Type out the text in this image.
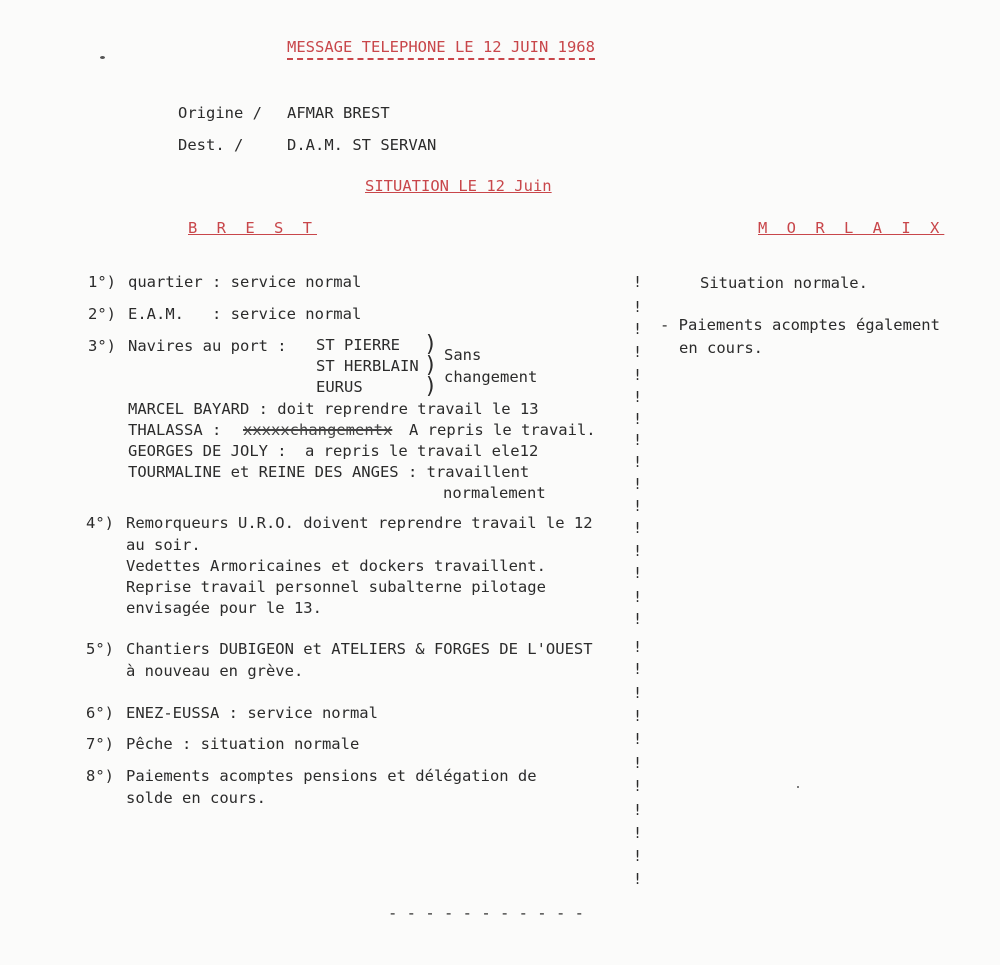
MESSAGE TELEPHONE LE 12 JUIN 1968
Origine / AFMAR BREST
Dest. /	D.A.M. ST SERVAN
SITUATION LE 12 Juin
B R E S T	M O R L A I X
1°) quartier : service normal
2°) E.A.M.   : service normal
3°) Navires au port : ST PIERRE
ST HERBLAIN
EURUS
)
)
)
Sans
changement
MARCEL BAYARD : doit reprendre travail le 13
THALASSA : xxxxxchangementx A repris le travail.
GEORGES DE JOLY : a repris le travail ele12
TOURMALINE et REINE DES ANGES : travaillent
normalement
4°) Remorqueurs U.R.O. doivent reprendre travail le 12
au soir.
Vedettes Armoricaines et dockers travaillent.
Reprise travail personnel subalterne pilotage
envisagée pour le 13.
5°) Chantiers DUBIGEON et ATELIERS & FORGES DE L'OUEST
à nouveau en grève.
6°) ENEZ-EUSSA : service normal
7°) Pêche : situation normale
8°) Paiements acomptes pensions et délégation de
solde en cours.
Situation normale.
- Paiements acomptes également
en cours.
!
!
!
!
!
!
!
!
!
!
!
!
!
!
!
!
!
!
!
!
!
!
!
!
!
!
!
- - - - - - - - - - -
